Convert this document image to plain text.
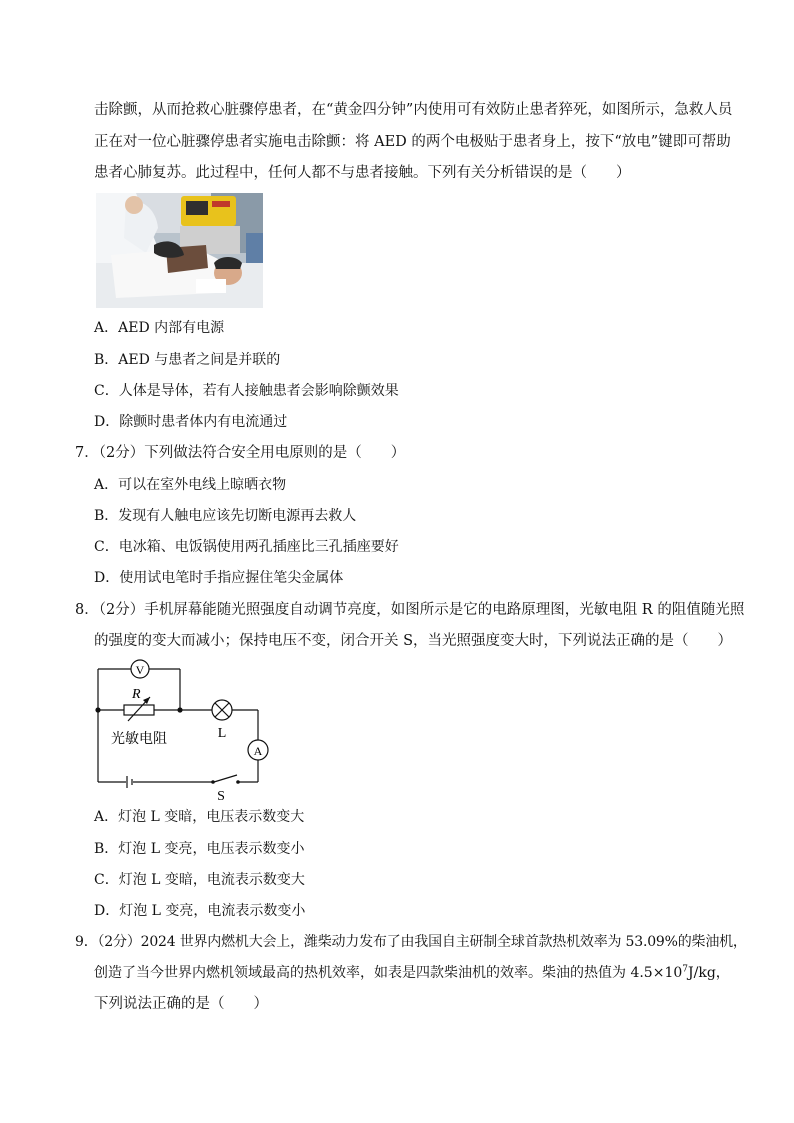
击除颤，从而抢救心脏骤停患者，在“黄金四分钟”内使用可有效防止患者猝死，如图所示，急救人员
正在对一位心脏骤停患者实施电击除颤：将 AED 的两个电极贴于患者身上，按下“放电”键即可帮助
患者心肺复苏。此过程中，任何人都不与患者接触。下列有关分析错误的是（　　）
A．AED 内部有电源
B．AED 与患者之间是并联的
C．人体是导体，若有人接触患者会影响除颤效果
D．除颤时患者体内有电流通过
7．（2分）下列做法符合安全用电原则的是（　　）
A．可以在室外电线上晾晒衣物
B．发现有人触电应该先切断电源再去救人
C．电冰箱、电饭锅使用两孔插座比三孔插座要好
D．使用试电笔时手指应握住笔尖金属体
8．（2分）手机屏幕能随光照强度自动调节亮度，如图所示是它的电路原理图，光敏电阻 R 的阻值随光照
的强度的变大而减小；保持电压不变，闭合开关 S，当光照强度变大时，下列说法正确的是（　　）
V
A
R
L
S
光敏电阻
A．灯泡 L 变暗，电压表示数变大
B．灯泡 L 变亮，电压表示数变小
C．灯泡 L 变暗，电流表示数变大
D．灯泡 L 变亮，电流表示数变小
9．（2分）2024 世界内燃机大会上，潍柴动力发布了由我国自主研制全球首款热机效率为 53.09%的柴油机，
创造了当今世界内燃机领域最高的热机效率，如表是四款柴油机的效率。柴油的热值为 $4.5\times 10^7J/kg$，
下列说法正确的是（　　）
